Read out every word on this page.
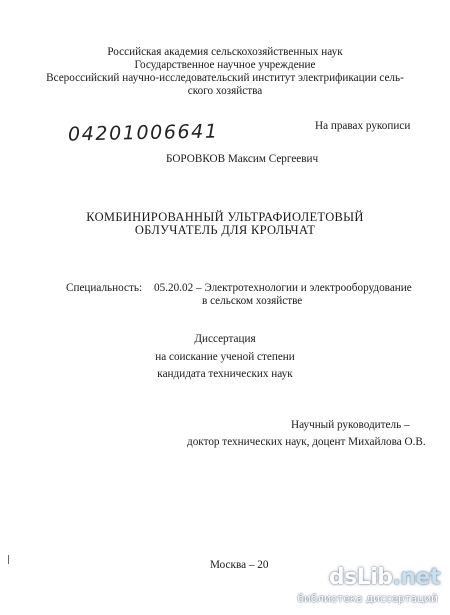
Российская академия сельскохозяйственных наук
Государственное научное учреждение
Всероссийский научно-исследовательский институт электрификации сель-
ского хозяйства
На правах рукописи
04201006641
БОРОВКОВ Максим Сергеевич
КОМБИНИРОВАННЫЙ УЛЬТРАФИОЛЕТОВЫЙ
ОБЛУЧАТЕЛЬ ДЛЯ КРОЛЬЧАТ
Специальность: 05.20.02 – Электротехнологии и электрооборудование
в сельском хозяйстве
Диссертация
на соискание ученой степени
кандидата технических наук
Научный руководитель –
доктор технических наук, доцент Михайлова О.В.
Москва – 20	dsLib.net
библиотека диссертаций
